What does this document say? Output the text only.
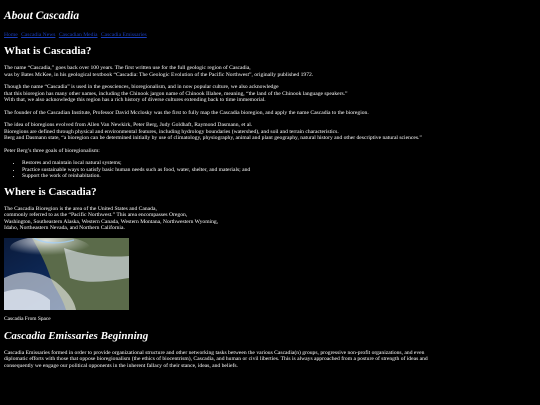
About Cascadia
Home Cascadia News Cascadian Media Cascadia Emissaries
What is Cascadia?

The name “Cascadia,” goes back over 100 years. The first written use for the full geologic region of Cascadia,
was by Bates McKee, in his geological textbook “Cascadia: The Geologic Evolution of the Pacific Northwest”, originally published 1972.

Though the name “Cascadia” is used in the geosciences, bioregionalism, and in now popular culture, we also acknowledge
that this bioregion has many other names, including the Chinook jargon name of Chinook Illahee, meaning, “the land of the Chinook language speakers.”
With that, we also acknowledge this region has a rich history of diverse cultures extending back to time immemorial.

The founder of the Cascadian Institute, Professor David Mcclosky was the first to fully map the Cascadia bioregion, and apply the name Cascadia to the bioregion.

The idea of bioregions evolved from Allen Van Newkirk, Peter Berg, Judy Goldhaft, Raymond Dasmann, et al.
Bioregions are defined through physical and environmental features, including hydrology boundaries (watershed), and soil and terrain characteristics.
Berg and Dasmann state, “a bioregion can be determined initially by use of climatology, physiography, animal and plant geography, natural history and other descriptive natural sciences.”

Peter Berg’s three goals of bioregionalism:

• Restores and maintain local natural systems;
• Practice sustainable ways to satisfy basic human needs such as food, water, shelter, and materials; and
• Support the work of reinhabitation.
Where is Cascadia?

The Cascadia Bioregion is the area of the United States and Canada,
commonly referred to as the “Pacific Northwest.” This area encompasses Oregon,
Washington, Southeastern Alaska, Western Canada, Western Montana, Northwestern Wyoming,
Idaho, Northeastern Nevada, and Northern California.

Cascadia From Space
Cascadia Emissaries Beginning

Cascadia Emissaries formed in order to provide organizational structure and other networking tasks between the various Cascadia(n) groups, progressive non-profit organizations, and even
diplomatic efforts with those that oppose bioregionalism (the ethics of biocentrism), Cascadia, and human or civil liberties. This is always approached from a posture of strength of ideas and
consequently we engage our political opponents in the inherent fallacy of their stance, ideas, and beliefs.
